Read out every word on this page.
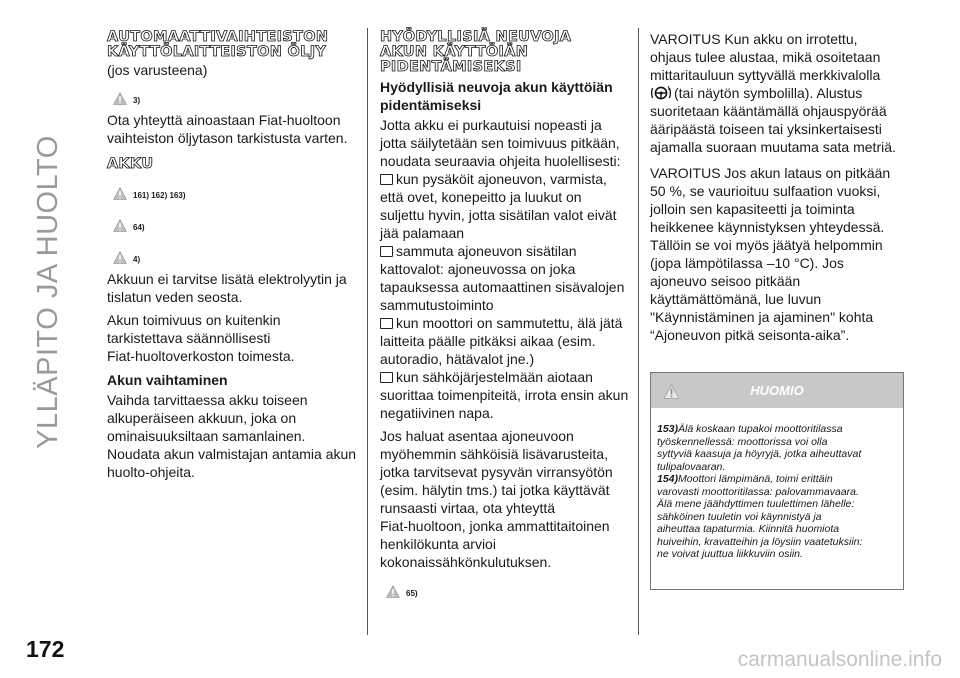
YLLÄPITO JA HUOLTO
172	carmanualsonline.info
AUTOMAATTIVAIHTEISTON
KÄYTTÖLAITTEISTON ÖLJY
(jos varusteena)
3)

Ota yhteyttä ainoastaan Fiat-huoltoon
vaihteiston öljytason tarkistusta varten.

AKKU
161) 162) 163)
64)
4)

Akkuun ei tarvitse lisätä elektrolyytin ja
tislatun veden seosta.

Akun toimivuus on kuitenkin
tarkistettava säännöllisesti
Fiat-huoltoverkoston toimesta.

Akun vaihtaminen

Vaihda tarvittaessa akku toiseen
alkuperäiseen akkuun, joka on
ominaisuuksiltaan samanlainen.
Noudata akun valmistajan antamia akun
huolto-ohjeita.

HYÖDYLLISIÄ NEUVOJA
AKUN KÄYTTÖIÄN
PIDENTÄMISEKSI
Hyödyllisiä neuvoja akun käyttöiän
pidentämiseksi

Jotta akku ei purkautuisi nopeasti ja
jotta säilytetään sen toimivuus pitkään,
noudata seuraavia ohjeita huolellisesti:

kun pysäköit ajoneuvon, varmista,
että ovet, konepeitto ja luukut on
suljettu hyvin, jotta sisätilan valot eivät
jää palamaan

sammuta ajoneuvon sisätilan
kattovalot: ajoneuvossa on joka
tapauksessa automaattinen sisävalojen
sammutustoiminto

kun moottori on sammutettu, älä jätä
laitteita päälle pitkäksi aikaa (esim.
autoradio, hätävalot jne.)

kun sähköjärjestelmään aiotaan
suorittaa toimenpiteitä, irrota ensin akun
negatiivinen napa.

Jos haluat asentaa ajoneuvoon
myöhemmin sähköisiä lisävarusteita,
jotka tarvitsevat pysyvän virransyötön
(esim. hälytin tms.) tai jotka käyttävät
runsaasti virtaa, ota yhteyttä
Fiat-huoltoon, jonka ammattitaitoinen
henkilökunta arvioi
kokonaissähkönkulutuksen.

65)

VAROITUS Kun akku on irrotettu,
ohjaus tulee alustaa, mikä osoitetaan
mittaritauluun syttyvällä merkkivalolla
! (tai näytön symbolilla). Alustus
suoritetaan kääntämällä ohjauspyörää
ääripäästä toiseen tai yksinkertaisesti
ajamalla suoraan muutama sata metriä.

VAROITUS Jos akun lataus on pitkään
50 %, se vaurioituu sulfaation vuoksi,
jolloin sen kapasiteetti ja toiminta
heikkenee käynnistyksen yhteydessä.
Tällöin se voi myös jäätyä helpommin
(jopa lämpötilassa –10 °C). Jos
ajoneuvo seisoo pitkään
käyttämättömänä, lue luvun
"Käynnistäminen ja ajaminen" kohta
“Ajoneuvon pitkä seisonta-aika”.

HUOMIO
153)Älä koskaan tupakoi moottoritilassa
työskennellessä: moottorissa voi olla
syttyviä kaasuja ja höyryjä, jotka aiheuttavat
tulipalovaaran.
154)Moottori lämpimänä, toimi erittäin
varovasti moottoritilassa: palovammavaara.
Älä mene jäähdyttimen tuulettimen lähelle:
sähköinen tuuletin voi käynnistyä ja
aiheuttaa tapaturmia. Kiinnitä huomiota
huiveihin, kravatteihin ja löysiin vaatetuksiin:
ne voivat juuttua liikkuviin osiin.
